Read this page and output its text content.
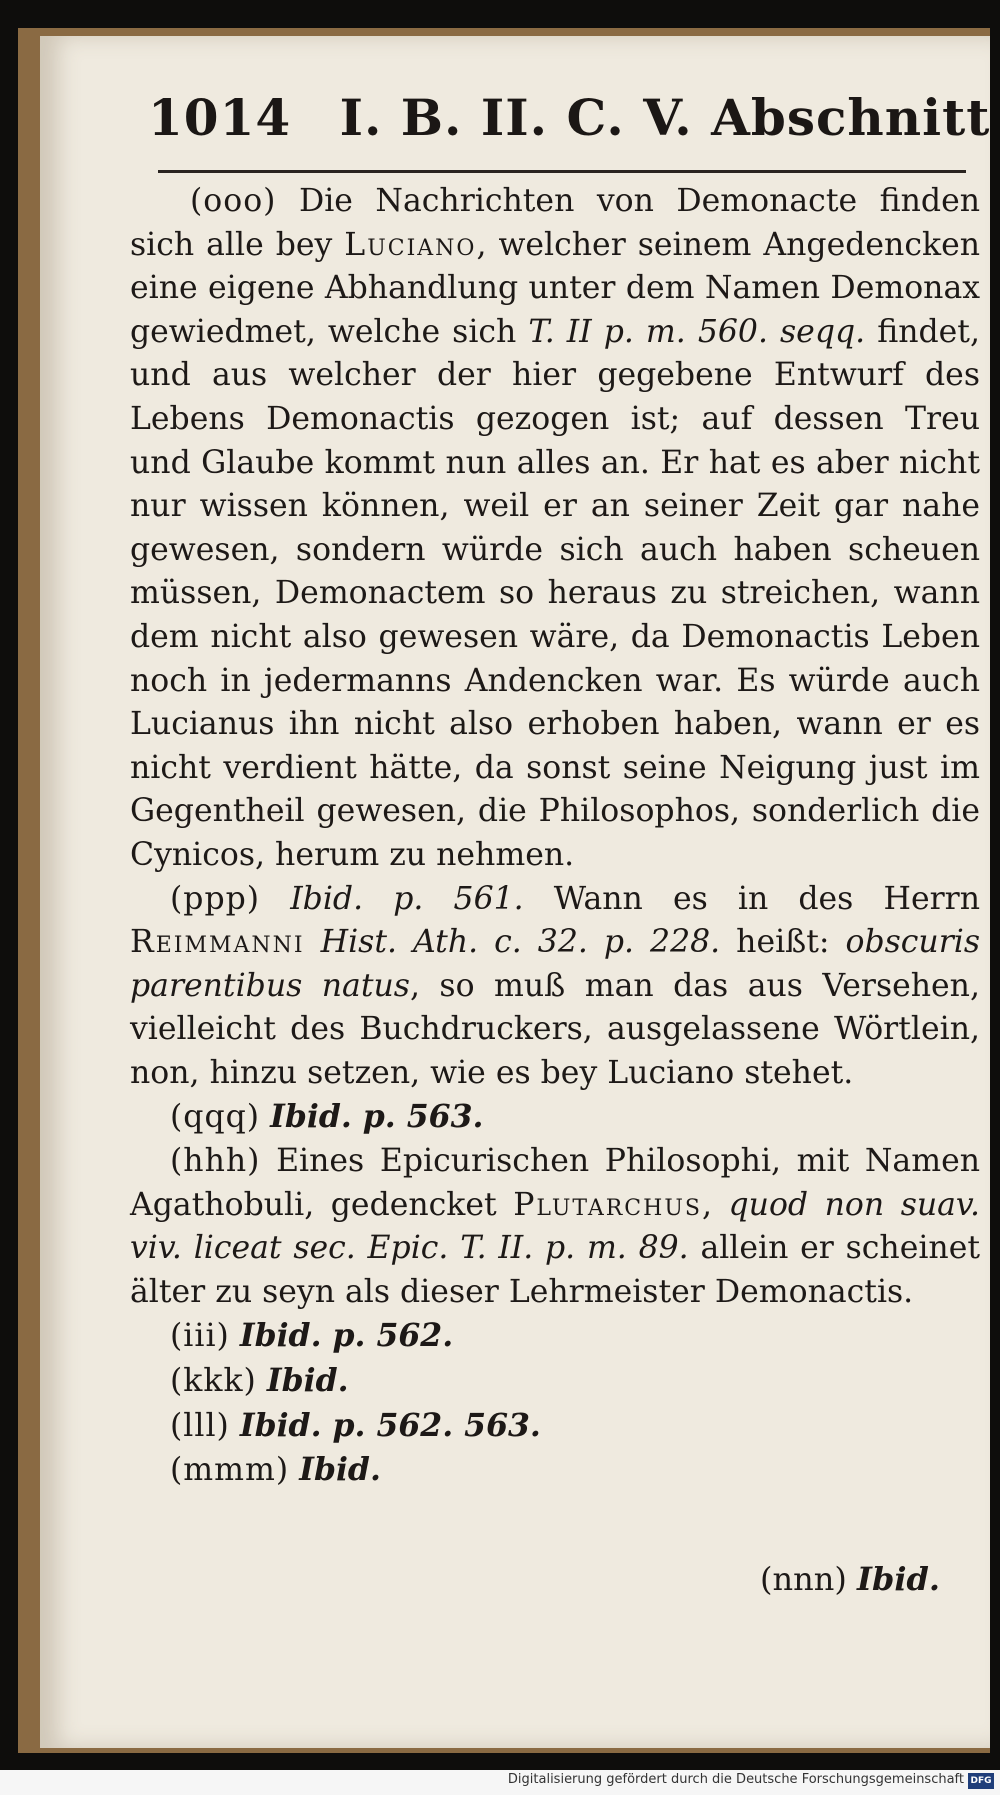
1014 I. B. II. C. V. Abschnitt

(ooo) Die Nachrichten von Demonacte finden sich alle bey Luciano, welcher seinem Angedencken eine eigene Abhandlung unter dem Namen Demonax gewiedmet, welche sich T. II p. m. 560. seqq. findet, und aus welcher der hier gegebene Entwurf des Lebens Demonactis gezogen ist; auf dessen Treu und Glaube kommt nun alles an. Er hat es aber nicht nur wissen können, weil er an seiner Zeit gar nahe gewesen, sondern würde sich auch haben scheuen müssen, Demonactem so heraus zu streichen, wann dem nicht also gewesen wäre, da Demonactis Leben noch in jedermanns Andencken war. Es würde auch Lucianus ihn nicht also erhoben haben, wann er es nicht verdient hätte, da sonst seine Neigung just im Gegentheil gewesen, die Philosophos, sonderlich die Cynicos, herum zu nehmen.

(ppp) Ibid. p. 561. Wann es in des Herrn Reimmanni Hist. Ath. c. 32. p. 228. heißt: obscuris parentibus natus, so muß man das aus Versehen, vielleicht des Buchdruckers, ausgelassene Wörtlein, non, hinzu setzen, wie es bey Luciano stehet.

(qqq) Ibid. p. 563.

(hhh) Eines Epicurischen Philosophi, mit Namen Agathobuli, gedencket Plutarchus, quod non suav. viv. liceat sec. Epic. T. II. p. m. 89. allein er scheinet älter zu seyn als dieser Lehrmeister Demonactis.

(iii) Ibid. p. 562.
(kkk) Ibid.
(lll) Ibid. p. 562. 563.
(mmm) Ibid.
(nnn) Ibid.
Digitalisierung gefördert durch die Deutsche Forschungsgemeinschaft DFG
